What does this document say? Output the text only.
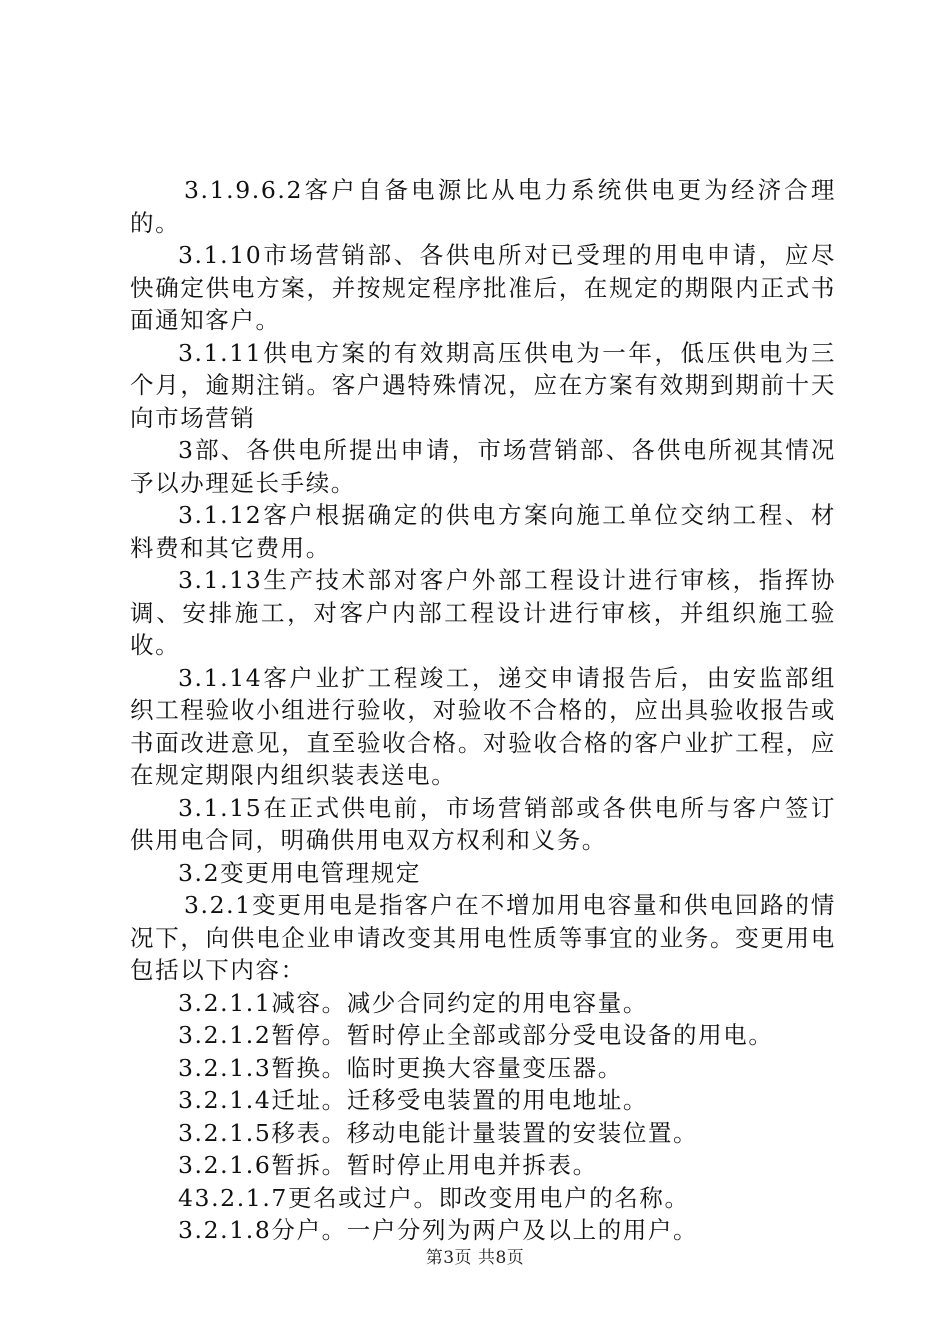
3.1.9.6.2客户自备电源比从电力系统供电更为经济合理的。

3.1.10市场营销部、各供电所对已受理的用电申请，应尽快确定供电方案，并按规定程序批准后，在规定的期限内正式书面通知客户。

3.1.11供电方案的有效期高压供电为一年，低压供电为三个月，逾期注销。客户遇特殊情况，应在方案有效期到期前十天向市场营销

3部、各供电所提出申请，市场营销部、各供电所视其情况予以办理延长手续。

3.1.12客户根据确定的供电方案向施工单位交纳工程、材料费和其它费用。

3.1.13生产技术部对客户外部工程设计进行审核，指挥协调、安排施工，对客户内部工程设计进行审核，并组织施工验收。

3.1.14客户业扩工程竣工，递交申请报告后，由安监部组织工程验收小组进行验收，对验收不合格的，应出具验收报告或书面改进意见，直至验收合格。对验收合格的客户业扩工程，应在规定期限内组织装表送电。

3.1.15在正式供电前，市场营销部或各供电所与客户签订供用电合同，明确供用电双方权利和义务。

3.2变更用电管理规定

3.2.1变更用电是指客户在不增加用电容量和供电回路的情况下，向供电企业申请改变其用电性质等事宜的业务。变更用电包括以下内容：

3.2.1.1减容。减少合同约定的用电容量。

3.2.1.2暂停。暂时停止全部或部分受电设备的用电。

3.2.1.3暂换。临时更换大容量变压器。

3.2.1.4迁址。迁移受电装置的用电地址。

3.2.1.5移表。移动电能计量装置的安装位置。

3.2.1.6暂拆。暂时停止用电并拆表。

43.2.1.7更名或过户。即改变用电户的名称。

3.2.1.8分户。一户分列为两户及以上的用户。

第3页 共8页
